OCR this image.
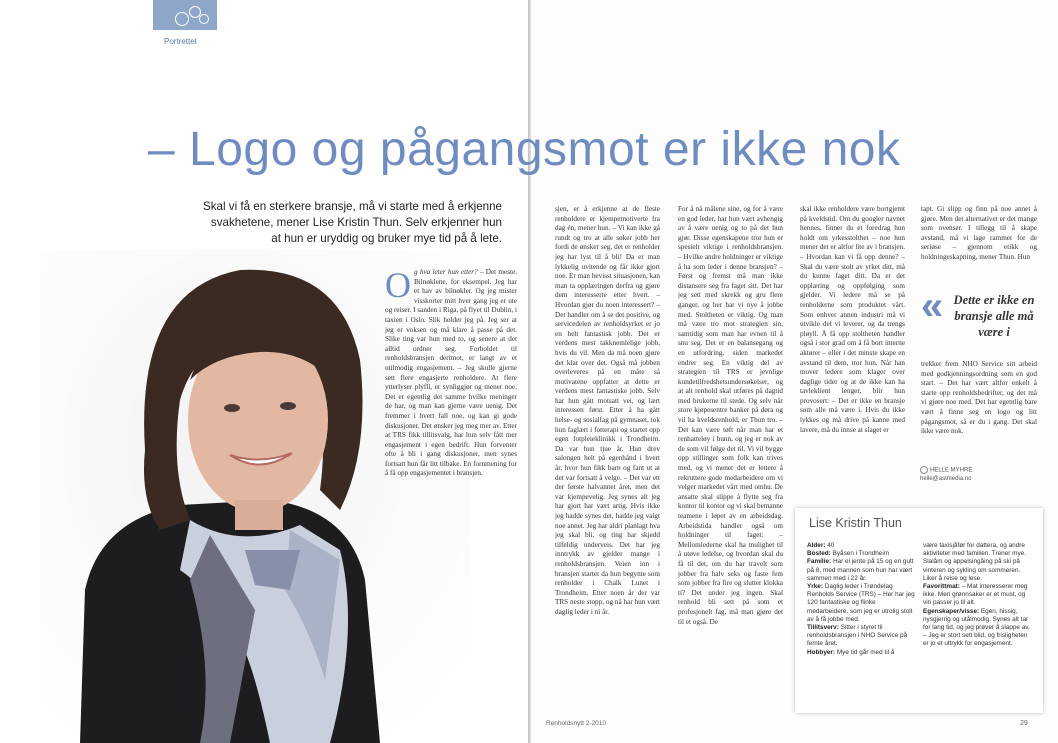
Portrettet
Skal vi få en sterkere bransje, må vi starte med å erkjenne
svakhetene, mener Lise Kristin Thun. Selv erkjenner hun
at hun er uryddig og bruker mye tid på å lete.
Og hva leter hun etter? – Det meste. Bilnøklene, for eksempel. Jeg har et hav av bilnøkler. Og jeg mister visskorter mitt hver gang jeg er ute og reiser. I sanden i Riga, på flyet til Dublin, i taxien i Oslo. Slik holder jeg på. Jeg ser at jeg er voksen og må klare å passe på det. Slike ting var hun med to, og senere at det alltid ordner seg. Forholdet til renholdsbransjen derimot, er langt av et utilmodig engasjement. – Jeg skulle gjerne sett flere engasjerte renholdere. At flere ytterlyser plyfll, er synliggjør og mener noe. Det er egentlig det samme hvilke meninger de har, og man kan gjerne være uenig. Det fremmer i hvert fall noe, og kan gi gode diskusjoner. Det ønsker jeg meg mer av. Etter at TRS fikk tillitsvalg, har hun selv fått mer engasjement i egen bedrift. Hun forventer ofte å bli i gang diskusjoner, men synes fortsatt hun får litt tilbake. En fornmening for å få opp engasjementet i bransjen.
– Logo og pågangsmot er ikke nok

sjen, er å erkjenne at de fleste renholdere er kjempemotiverte fra dag én, mener hun. – Vi kan ikke gå rundt og tro at alle søker jobb her fordi de ønsker seg, det er renholder jeg har lyst til å bli! Da er man lykkelig uvitende og får ikke gjort noe. Er man bevisst situasjonen, kan man ta opplæringen derfra og gjøre dem interesserte etter hvert. – Hvordan gjør du noen interessert? – Det handler om å se det positive, og servicedelen av renholdsyrket er jo en helt fantastisk jobb. Det er verdens mest takknemlelige jobb, hvis du vil. Men da må noen gjøre det klar over det. Også må jobben overleveres på en måte så motivatene oppfatter at dette er verdens mest fantastiske jobb. Selv har hun gått motsatt vei, og lært interessen først. Etter å ha gått helse- og sosialfag på gymnaset, tok hun faglært i fotterapi og startet opp egen fotpleieklinikk i Trondheim. Da var hun tjue år. Hun drev salongen helt på egenhånd i hvert år, hvor hun fikk barn og fant ut at det var fortsatt å velge. – Det var ett der første halvannet året, men det var kjempevelig. Jeg synes alt jeg har gjort har vært artig. Hvis ikke jeg hadde synes det, hadde jeg valgt noe annet. Jeg har aldri planlagt hva jeg skal bli, og ting har skjedd tilfeldig underveis. Det har jeg inntrykk av gjelder mange i renholdsbransjen. Veien inn i bransjen startet da hun begynte som renholder i Chalk Lunet i Trondheim. Etter noen år der var TRS neste stopp, og nå har hun vært daglig leder i ni år.

For å nå målene sine, og for å være en god leder, har hun vært avhengig av å være uenig og to på det hun gjør. Disse egenskapene tror hun er spesielt viktige i renholdsbransjen. – Hvilke andre holdninger er viktige å ha som leder i denne bransjen? – Først og fremst må man ikke distansere seg fra faget sitt. Det har jeg sett med skrekk og gru flere ganger, og her har vi nye å jobbe med. Stoltheten er viktig. Og man må være tro mot strategien sin, samtidig som man har evnen til å snu seg. Det er en balansegang og en utfordring, siden markedet endrer seg. En viktig del av strategien til TRS er jevnlige kundetilfredshetsundersøkelser, og at alt renhold skal utføres på dagtid med brukerne til stede. Og selv når store kjøpesentre banker på døra og vil ha kveldsrenhold, er Thun tro. – Det kan være tøft når man har et renhatteløy i bunn, og jeg er nok av de som vil følge det til. Vi vil bygge opp stillinger som folk kan trives med, og vi mener det er lettere å rekruttere gode medarbeidere om vi velger markedet vårt med omhu. De ansatte skal slippe å flytte seg fra kontor til kontor og vi skal bemanne teamene i løpet av en arbeidsdag. Arbeidstida handler også om holdninger til faget: – Mellomlederne skal ha mulighet til å utøve ledelse, og hvordan skal du få til det, om du har travelt som jobber fra halv seks og faste fem som jobber fra fire og slutter klokka ti? Det under jeg ingen. Skal renhold bli sett på som et profesjonelt fag, må man gjøre det til et også. De

skal ikke renholdere være bortgjemt på kveldstid. Om du googler navnet hennes, finner du et foredrag hun holdt om yrkesstolthet – noe hun mener det er altfor lite av i bransjen. – Hvordan kan vi få opp denne? – Skal du være stolt av yrket ditt, må du kunne faget ditt. Da er det opplæring og oppfølging som gjelder. Vi ledere må se på renholderne som produktet vårt. Som enhver annen industri må vi utvikle det vi leverer, og da trengs pløyll. Å få opp stoltheten handler også i stor grad om å få bort interne aktører – eller i det minste skape en avstand til dem, tror hun. Når han mover ledere som klager over daglige tider og at de ikke kan ha tavleklient lenger, blir hun provosert: – Det er ikke en bransje som alle må være i. Hvis du ikke lykkes og må drive på kanne med lavere, må du innse at slaget er

tapt. Gi slipp og finn på noe annet å gjøre. Men det alternativet er det mange som ovenser. I tillegg til å skape avstand, må vi lage rammer for de seriøse – gjennom etikk og holdningeskapning, mener Thun. Hun

trekker frem NHO Service sitt arbeid med godkjenningsordning som en god start. – Det har vært altfor enkelt å starte opp renholdsbedrifter, og det må vi gjøre noe med. Det har egentlig bare vært å finne seg en logo og litt pågangsmot, så er du i gang. Det skal ikke være nok.

« Dette er ikke en bransje alle må være i
HELLE MYHRE
helle@astmedia.no
Lise Kristin Thun
Alder: 40
Bosted: Byåsen i Trondheim
Familie: Har ei jente på 15 og en gutt på 8, med mannen som hun har vært sammen med i 22 år.
Yrke: Daglig leder i Trøndelag Renholds Service (TRS) – Her har jeg 120 fantastiske og flinke medarbeidere, som jeg er utrolig stolt av å få jobbe med.
Tillitsverv: Sitter i styret til renholdsbransjen i NHO Service på femte året.
Hobbyer: Mye tid går med til å
være taxisjåfør for dattera, og andre aktiviteter med familien. Trener mye. Slalåm og appelsingåing på ski på vinteren og sykling om sommeren. Liker å reise og lese.
Favorittmat: – Mat interesserer meg ikke. Men grønnsaker er et must, og vin passer jo til alt.
Egenskaper/visse: Egen, hissig, nysgjerrig og utålmodig. Synes alt tar for lang tid, og jeg prøver å slappe av. – Jeg er stort sett blid, og frisligheten er jo et uttrykk for engasjement.
Renholdsnytt 2-2010	29
